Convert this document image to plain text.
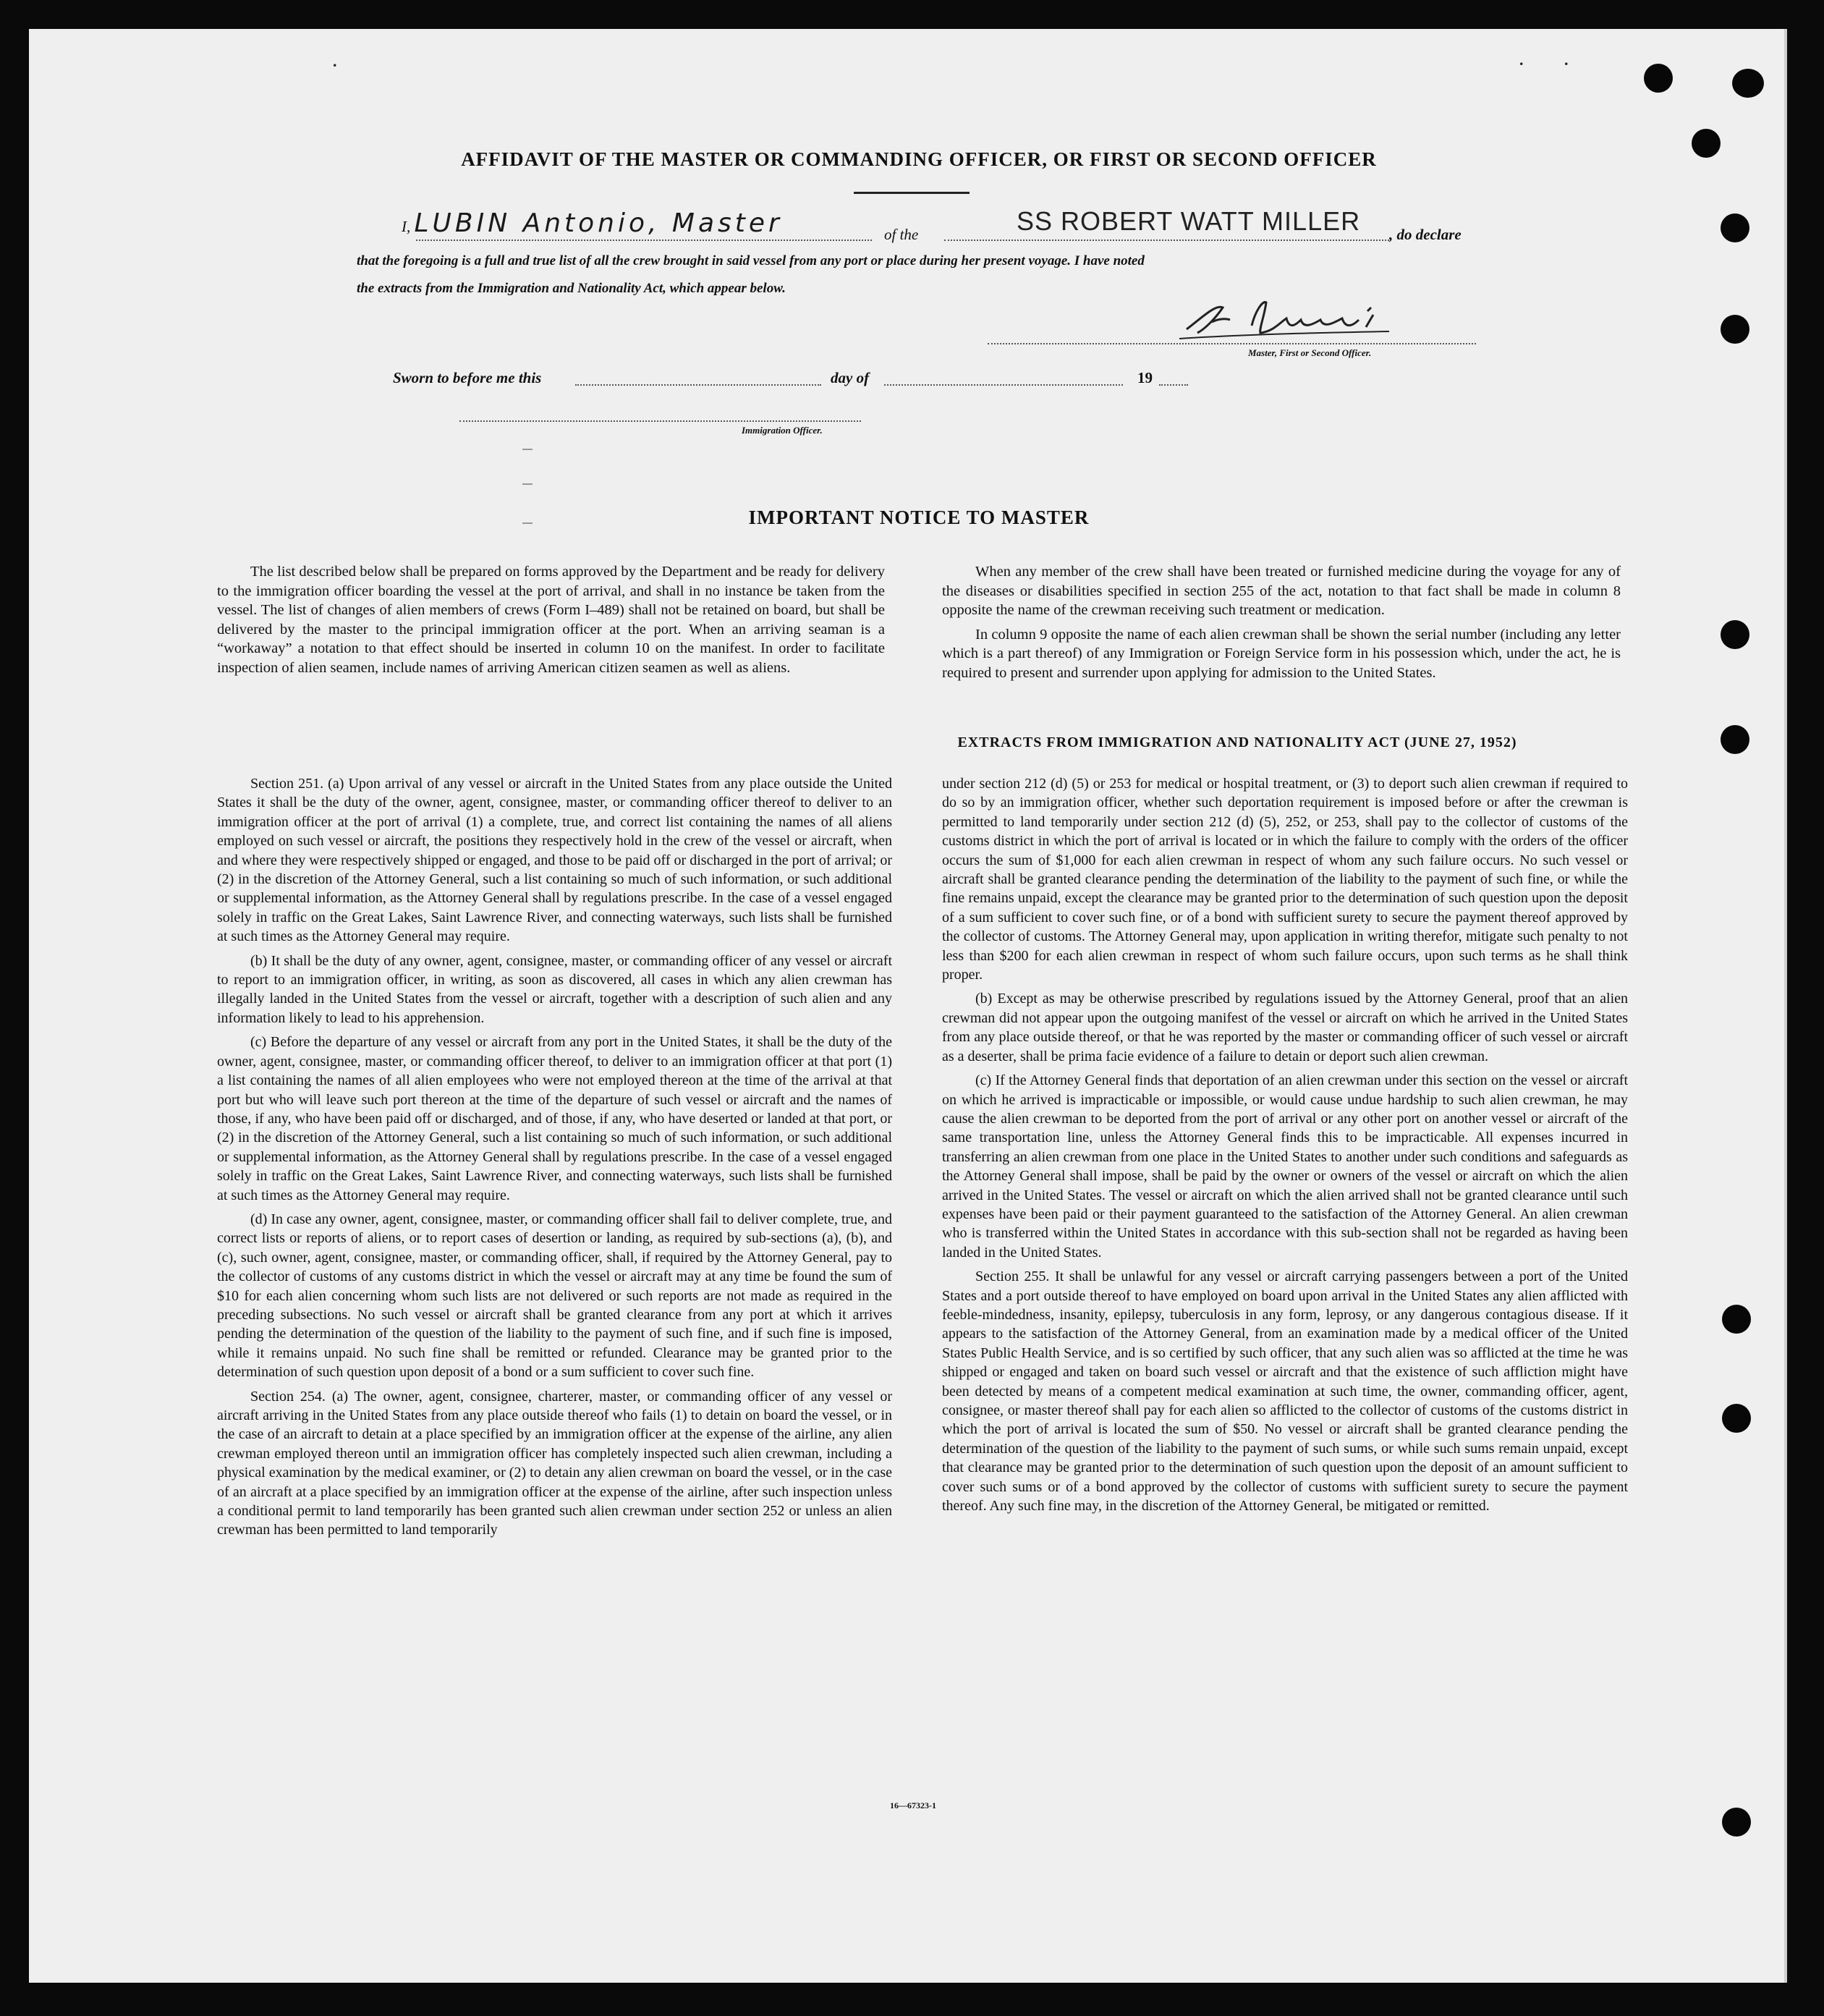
.	.	.
AFFIDAVIT OF THE MASTER OR COMMANDING OFFICER, OR FIRST OR SECOND OFFICER
I, LUBIN Antonio, Master	of the	SS ROBERT WATT MILLER , do declare
that the foregoing is a full and true list of all the crew brought in said vessel from any port or place during her present voyage. I have noted
the extracts from the Immigration and Nationality Act, which appear below.
Master, First or Second Officer.
Sworn to before me this	day of	19
Immigration Officer.
IMPORTANT NOTICE TO MASTER

The list described below shall be prepared on forms approved by the Department and be ready for delivery to the immigration officer boarding the vessel at the port of arrival, and shall in no instance be taken from the vessel. The list of changes of alien members of crews (Form I–489) shall not be retained on board, but shall be delivered by the master to the principal immigration officer at the port. When an arriving seaman is a “workaway” a notation to that effect should be inserted in column 10 on the manifest. In order to facilitate inspection of alien seamen, include names of arriving American citizen seamen as well as aliens.

When any member of the crew shall have been treated or furnished medicine during the voyage for any of the diseases or disabilities specified in section 255 of the act, notation to that fact shall be made in column 8 opposite the name of the crewman receiving such treatment or medication.

In column 9 opposite the name of each alien crewman shall be shown the serial number (including any letter which is a part thereof) of any Immigration or Foreign Service form in his possession which, under the act, he is required to present and surrender upon applying for admission to the United States.

EXTRACTS FROM IMMIGRATION AND NATIONALITY ACT (JUNE 27, 1952)

Section 251. (a) Upon arrival of any vessel or aircraft in the United States from any place outside the United States it shall be the duty of the owner, agent, consignee, master, or commanding officer thereof to deliver to an immigration officer at the port of arrival (1) a complete, true, and correct list containing the names of all aliens employed on such vessel or aircraft, the positions they respectively hold in the crew of the vessel or aircraft, when and where they were respectively shipped or engaged, and those to be paid off or discharged in the port of arrival; or (2) in the discretion of the Attorney General, such a list containing so much of such information, or such additional or supplemental information, as the Attorney General shall by regulations prescribe. In the case of a vessel engaged solely in traffic on the Great Lakes, Saint Lawrence River, and connecting waterways, such lists shall be furnished at such times as the Attorney General may require.

(b) It shall be the duty of any owner, agent, consignee, master, or commanding officer of any vessel or aircraft to report to an immigration officer, in writing, as soon as discovered, all cases in which any alien crewman has illegally landed in the United States from the vessel or aircraft, together with a description of such alien and any information likely to lead to his apprehension.

(c) Before the departure of any vessel or aircraft from any port in the United States, it shall be the duty of the owner, agent, consignee, master, or commanding officer thereof, to deliver to an immigration officer at that port (1) a list containing the names of all alien employees who were not employed thereon at the time of the arrival at that port but who will leave such port thereon at the time of the departure of such vessel or aircraft and the names of those, if any, who have been paid off or discharged, and of those, if any, who have deserted or landed at that port, or (2) in the discretion of the Attorney General, such a list containing so much of such information, or such additional or supplemental information, as the Attorney General shall by regulations prescribe. In the case of a vessel engaged solely in traffic on the Great Lakes, Saint Lawrence River, and connecting waterways, such lists shall be furnished at such times as the Attorney General may require.

(d) In case any owner, agent, consignee, master, or commanding officer shall fail to deliver complete, true, and correct lists or reports of aliens, or to report cases of desertion or landing, as required by sub-sections (a), (b), and (c), such owner, agent, consignee, master, or commanding officer, shall, if required by the Attorney General, pay to the collector of customs of any customs district in which the vessel or aircraft may at any time be found the sum of $10 for each alien concerning whom such lists are not delivered or such reports are not made as required in the preceding subsections. No such vessel or aircraft shall be granted clearance from any port at which it arrives pending the determination of the question of the liability to the payment of such fine, and if such fine is imposed, while it remains unpaid. No such fine shall be remitted or refunded. Clearance may be granted prior to the determination of such question upon deposit of a bond or a sum sufficient to cover such fine.

Section 254. (a) The owner, agent, consignee, charterer, master, or commanding officer of any vessel or aircraft arriving in the United States from any place outside thereof who fails (1) to detain on board the vessel, or in the case of an aircraft to detain at a place specified by an immigration officer at the expense of the airline, any alien crewman employed thereon until an immigration officer has completely inspected such alien crewman, including a physical examination by the medical examiner, or (2) to detain any alien crewman on board the vessel, or in the case of an aircraft at a place specified by an immigration officer at the expense of the airline, after such inspection unless a conditional permit to land temporarily has been granted such alien crewman under section 252 or unless an alien crewman has been permitted to land temporarily

under section 212 (d) (5) or 253 for medical or hospital treatment, or (3) to deport such alien crewman if required to do so by an immigration officer, whether such deportation requirement is imposed before or after the crewman is permitted to land temporarily under section 212 (d) (5), 252, or 253, shall pay to the collector of customs of the customs district in which the port of arrival is located or in which the failure to comply with the orders of the officer occurs the sum of $1,000 for each alien crewman in respect of whom any such failure occurs. No such vessel or aircraft shall be granted clearance pending the determination of the liability to the payment of such fine, or while the fine remains unpaid, except the clearance may be granted prior to the determination of such question upon the deposit of a sum sufficient to cover such fine, or of a bond with sufficient surety to secure the payment thereof approved by the collector of customs. The Attorney General may, upon application in writing therefor, mitigate such penalty to not less than $200 for each alien crewman in respect of whom such failure occurs, upon such terms as he shall think proper.

(b) Except as may be otherwise prescribed by regulations issued by the Attorney General, proof that an alien crewman did not appear upon the outgoing manifest of the vessel or aircraft on which he arrived in the United States from any place outside thereof, or that he was reported by the master or commanding officer of such vessel or aircraft as a deserter, shall be prima facie evidence of a failure to detain or deport such alien crewman.

(c) If the Attorney General finds that deportation of an alien crewman under this section on the vessel or aircraft on which he arrived is impracticable or impossible, or would cause undue hardship to such alien crewman, he may cause the alien crewman to be deported from the port of arrival or any other port on another vessel or aircraft of the same transportation line, unless the Attorney General finds this to be impracticable. All expenses incurred in transferring an alien crewman from one place in the United States to another under such conditions and safeguards as the Attorney General shall impose, shall be paid by the owner or owners of the vessel or aircraft on which the alien arrived in the United States. The vessel or aircraft on which the alien arrived shall not be granted clearance until such expenses have been paid or their payment guaranteed to the satisfaction of the Attorney General. An alien crewman who is transferred within the United States in accordance with this sub-section shall not be regarded as having been landed in the United States.

Section 255. It shall be unlawful for any vessel or aircraft carrying passengers between a port of the United States and a port outside thereof to have employed on board upon arrival in the United States any alien afflicted with feeble-mindedness, insanity, epilepsy, tuberculosis in any form, leprosy, or any dangerous contagious disease. If it appears to the satisfaction of the Attorney General, from an examination made by a medical officer of the United States Public Health Service, and is so certified by such officer, that any such alien was so afflicted at the time he was shipped or engaged and taken on board such vessel or aircraft and that the existence of such affliction might have been detected by means of a competent medical examination at such time, the owner, commanding officer, agent, consignee, or master thereof shall pay for each alien so afflicted to the collector of customs of the customs district in which the port of arrival is located the sum of $50. No vessel or aircraft shall be granted clearance pending the determination of the question of the liability to the payment of such sums, or while such sums remain unpaid, except that clearance may be granted prior to the determination of such question upon the deposit of an amount sufficient to cover such sums or of a bond approved by the collector of customs with sufficient surety to secure the payment thereof. Any such fine may, in the discretion of the Attorney General, be mitigated or remitted.

16—67323-1
